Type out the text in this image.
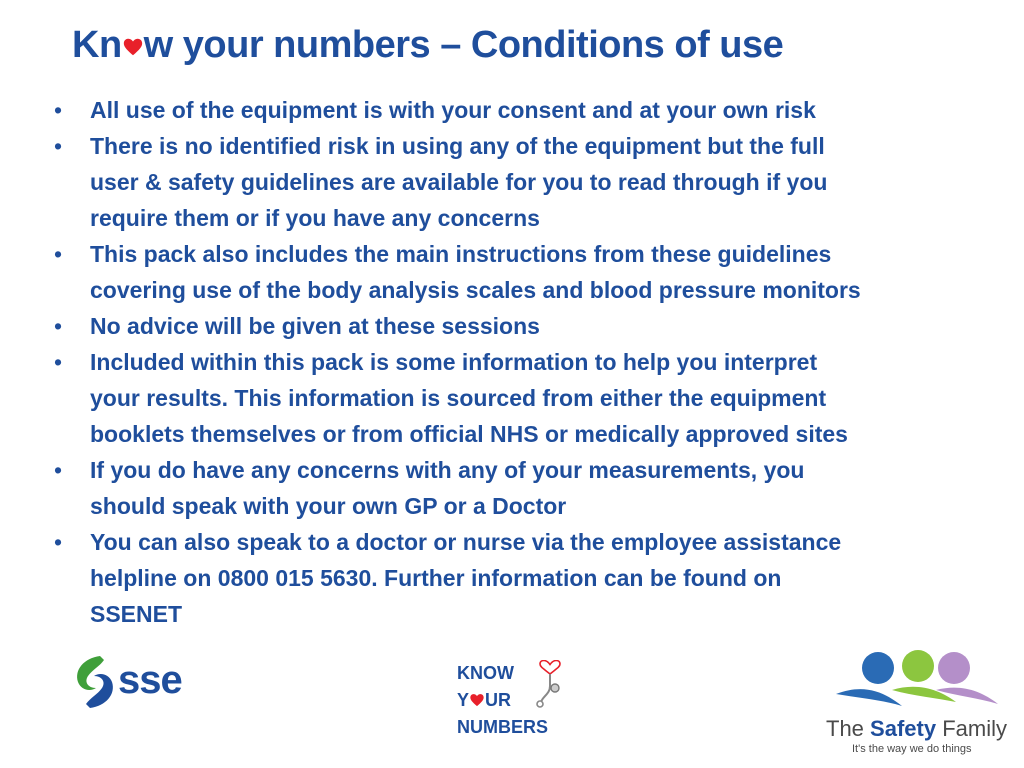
Kn w your numbers – Conditions of use
• All use of the equipment is with your consent and at your own risk
• There is no identified risk in using any of the equipment but the full
user & safety guidelines are available for you to read through if you
require them or if you have any concerns
• This pack also includes the main instructions from these guidelines
covering use of the body analysis scales and blood pressure monitors
• No advice will be given at these sessions
• Included within this pack is some information to help you interpret
your results. This information is sourced from either the equipment
booklets themselves or from official NHS or medically approved sites
• If you do have any concerns with any of your measurements, you
should speak with your own GP or a Doctor
• You can also speak to a doctor or nurse via the employee assistance
helpline on 0800 015 5630. Further information can be found on
SSENET
sse	KNOW
Y UR
NUMBERS	The Safety Family
It's the way we do things
